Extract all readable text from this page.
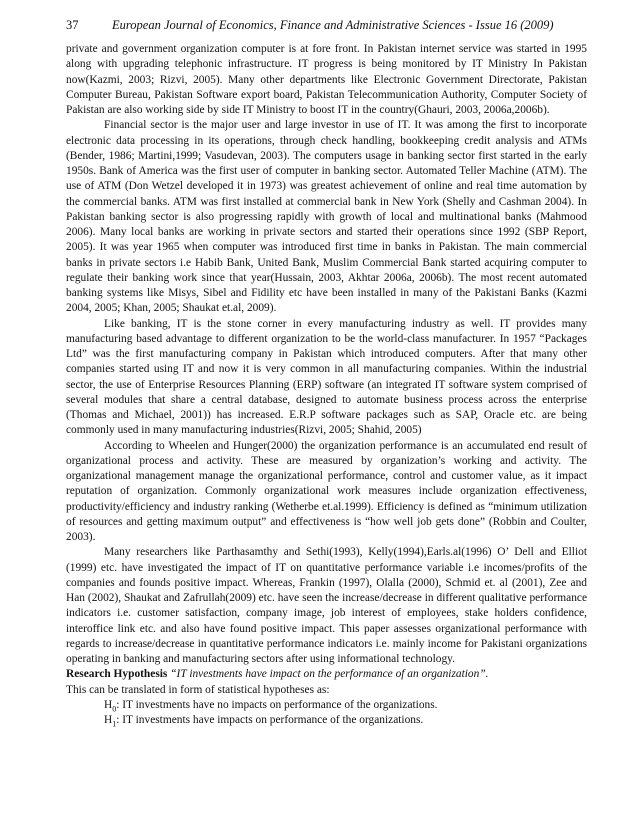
37	European Journal of Economics, Finance and Administrative Sciences - Issue 16 (2009)

private and government organization computer is at fore front. In Pakistan internet service was started in 1995 along with upgrading telephonic infrastructure. IT progress is being monitored by IT Ministry In Pakistan now(Kazmi, 2003; Rizvi, 2005). Many other departments like Electronic Government Directorate, Pakistan Computer Bureau, Pakistan Software export board, Pakistan Telecommunication Authority, Computer Society of Pakistan are also working side by side IT Ministry to boost IT in the country(Ghauri, 2003, 2006a,2006b).

Financial sector is the major user and large investor in use of IT. It was among the first to incorporate electronic data processing in its operations, through check handling, bookkeeping credit analysis and ATMs (Bender, 1986; Martini,1999; Vasudevan, 2003). The computers usage in banking sector first started in the early 1950s. Bank of America was the first user of computer in banking sector. Automated Teller Machine (ATM). The use of ATM (Don Wetzel developed it in 1973) was greatest achievement of online and real time automation by the commercial banks. ATM was first installed at commercial bank in New York (Shelly and Cashman 2004). In Pakistan banking sector is also progressing rapidly with growth of local and multinational banks (Mahmood 2006). Many local banks are working in private sectors and started their operations since 1992 (SBP Report, 2005). It was year 1965 when computer was introduced first time in banks in Pakistan. The main commercial banks in private sectors i.e Habib Bank, United Bank, Muslim Commercial Bank started acquiring computer to regulate their banking work since that year(Hussain, 2003, Akhtar 2006a, 2006b). The most recent automated banking systems like Misys, Sibel and Fidility etc have been installed in many of the Pakistani Banks (Kazmi 2004, 2005; Khan, 2005; Shaukat et.al, 2009).

Like banking, IT is the stone corner in every manufacturing industry as well. IT provides many manufacturing based advantage to different organization to be the world-class manufacturer. In 1957 “Packages Ltd” was the first manufacturing company in Pakistan which introduced computers. After that many other companies started using IT and now it is very common in all manufacturing companies. Within the industrial sector, the use of Enterprise Resources Planning (ERP) software (an integrated IT software system comprised of several modules that share a central database, designed to automate business process across the enterprise (Thomas and Michael, 2001)) has increased. E.R.P software packages such as SAP, Oracle etc. are being commonly used in many manufacturing industries(Rizvi, 2005; Shahid, 2005)

According to Wheelen and Hunger(2000) the organization performance is an accumulated end result of organizational process and activity. These are measured by organization’s working and activity. The organizational management manage the organizational performance, control and customer value, as it impact reputation of organization. Commonly organizational work measures include organization effectiveness, productivity/efficiency and industry ranking (Wetherbe et.al.1999). Efficiency is defined as “minimum utilization of resources and getting maximum output” and effectiveness is “how well job gets done” (Robbin and Coulter, 2003).

Many researchers like Parthasamthy and Sethi(1993), Kelly(1994),Earls.al(1996) O’ Dell and Elliot (1999) etc. have investigated the impact of IT on quantitative performance variable i.e incomes/profits of the companies and founds positive impact. Whereas, Frankin (1997), Olalla (2000), Schmid et. al (2001), Zee and Han (2002), Shaukat and Zafrullah(2009) etc. have seen the increase/decrease in different qualitative performance indicators i.e. customer satisfaction, company image, job interest of employees, stake holders confidence, interoffice link etc. and also have found positive impact. This paper assesses organizational performance with regards to increase/decrease in quantitative performance indicators i.e. mainly income for Pakistani organizations operating in banking and manufacturing sectors after using informational technology.

Research Hypothesis “IT investments have impact on the performance of an organization”.

This can be translated in form of statistical hypotheses as:

$H_0$: IT investments have no impacts on performance of the organizations.

$H_1$: IT investments have impacts on performance of the organizations.
